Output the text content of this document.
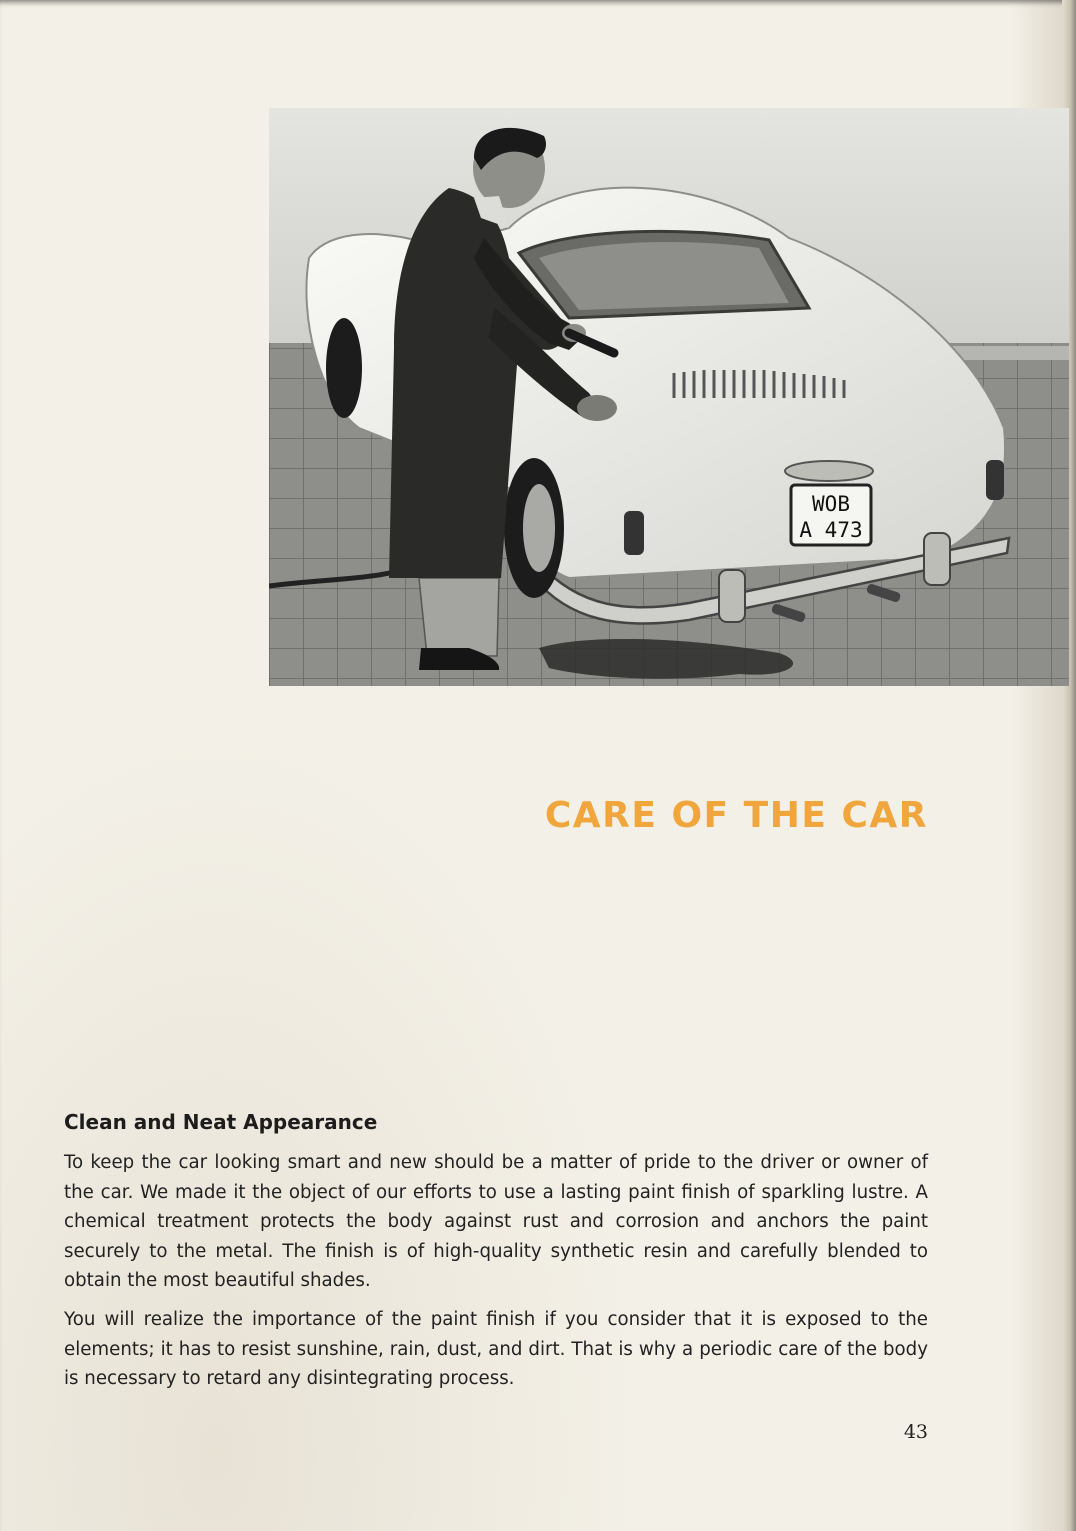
WOB
A 473
CARE OF THE CAR
Clean and Neat Appearance

To keep the car looking smart and new should be a matter of pride to the driver or owner of the car. We made it the object of our efforts to use a lasting paint finish of sparkling lustre. A chemical treatment protects the body against rust and corrosion and anchors the paint securely to the metal. The finish is of high-quality synthetic resin and carefully blended to obtain the most beautiful shades.

You will realize the importance of the paint finish if you consider that it is exposed to the elements; it has to resist sunshine, rain, dust, and dirt. That is why a periodic care of the body is necessary to retard any disintegrating process.

43
